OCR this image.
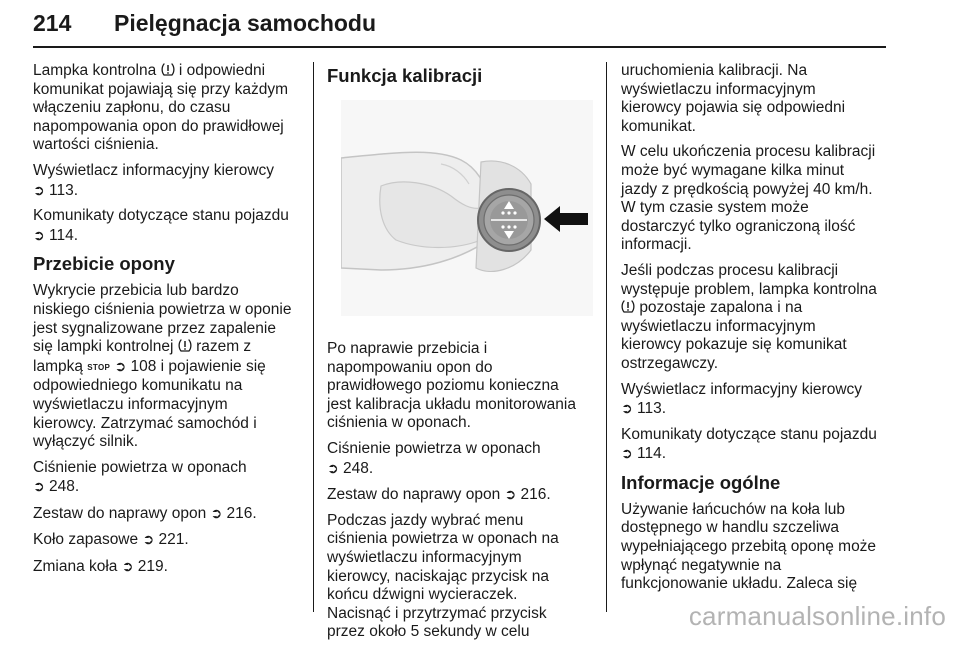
214 Pielęgnacja samochodu

Lampka kontrolna i odpowiedni
komunikat pojawiają się przy każdym
włączeniu zapłonu, do czasu
napompowania opon do prawidłowej
wartości ciśnienia.

Wyświetlacz informacyjny kierowcy
➲ 113.

Komunikaty dotyczące stanu pojazdu
➲ 114.

Przebicie opony

Wykrycie przebicia lub bardzo
niskiego ciśnienia powietrza w oponie
jest sygnalizowane przez zapalenie
się lampki kontrolnej razem z
lampką STOP ➲ 108 i pojawienie się
odpowiedniego komunikatu na
wyświetlaczu informacyjnym
kierowcy. Zatrzymać samochód i
wyłączyć silnik.

Ciśnienie powietrza w oponach
➲ 248.

Zestaw do naprawy opon ➲ 216.

Koło zapasowe ➲ 221.

Zmiana koła ➲ 219.

Funkcja kalibracji

Po naprawie przebicia i
napompowaniu opon do
prawidłowego poziomu konieczna
jest kalibracja układu monitorowania
ciśnienia w oponach.

Ciśnienie powietrza w oponach
➲ 248.

Zestaw do naprawy opon ➲ 216.

Podczas jazdy wybrać menu
ciśnienia powietrza w oponach na
wyświetlaczu informacyjnym
kierowcy, naciskając przycisk na
końcu dźwigni wycieraczek.
Nacisnąć i przytrzymać przycisk
przez około 5 sekundy w celu

uruchomienia kalibracji. Na
wyświetlaczu informacyjnym
kierowcy pojawia się odpowiedni
komunikat.

W celu ukończenia procesu kalibracji
może być wymagane kilka minut
jazdy z prędkością powyżej 40 km/h.
W tym czasie system może
dostarczyć tylko ograniczoną ilość
informacji.

Jeśli podczas procesu kalibracji
występuje problem, lampka kontrolna
pozostaje zapalona i na
wyświetlaczu informacyjnym
kierowcy pokazuje się komunikat
ostrzegawczy.

Wyświetlacz informacyjny kierowcy
➲ 113.

Komunikaty dotyczące stanu pojazdu
➲ 114.

Informacje ogólne

Używanie łańcuchów na koła lub
dostępnego w handlu szczeliwa
wypełniającego przebitą oponę może
wpłynąć negatywnie na
funkcjonowanie układu. Zaleca się

carmanualsonline.info
